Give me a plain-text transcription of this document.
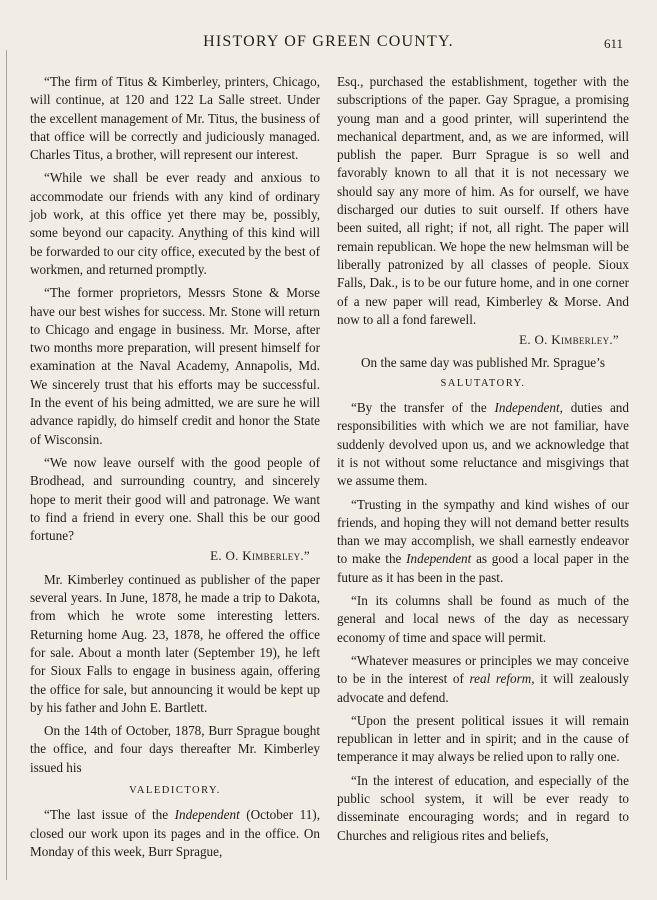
HISTORY OF GREEN COUNTY.	611

“The firm of Titus & Kimberley, printers, Chicago, will continue, at 120 and 122 La Salle street. Under the excellent management of Mr. Titus, the business of that office will be correctly and judiciously managed. Charles Titus, a brother, will represent our interest.

“While we shall be ever ready and anxious to accommodate our friends with any kind of ordinary job work, at this office yet there may be, possibly, some beyond our capacity. Anything of this kind will be forwarded to our city office, executed by the best of workmen, and returned promptly.

“The former proprietors, Messrs Stone & Morse have our best wishes for success. Mr. Stone will return to Chicago and engage in business. Mr. Morse, after two months more preparation, will present himself for examination at the Naval Academy, Annapolis, Md. We sincerely trust that his efforts may be successful. In the event of his being admitted, we are sure he will advance rapidly, do himself credit and honor the State of Wisconsin.

“We now leave ourself with the good people of Brodhead, and surrounding country, and sincerely hope to merit their good will and patronage. We want to find a friend in every one. Shall this be our good fortune?

E. O. Kimberley.”

Mr. Kimberley continued as publisher of the paper several years. In June, 1878, he made a trip to Dakota, from which he wrote some interesting letters. Returning home Aug. 23, 1878, he offered the office for sale. About a month later (September 19), he left for Sioux Falls to engage in business again, offering the office for sale, but announcing it would be kept up by his father and John E. Bartlett.

On the 14th of October, 1878, Burr Sprague bought the office, and four days thereafter Mr. Kimberley issued his

VALEDICTORY.

“The last issue of the Independent (October 11), closed our work upon its pages and in the office. On Monday of this week, Burr Sprague,

Esq., purchased the establishment, together with the subscriptions of the paper. Gay Sprague, a promising young man and a good printer, will superintend the mechanical department, and, as we are informed, will publish the paper. Burr Sprague is so well and favorably known to all that it is not necessary we should say any more of him. As for ourself, we have discharged our duties to suit ourself. If others have been suited, all right; if not, all right. The paper will remain republican. We hope the new helmsman will be liberally patronized by all classes of people. Sioux Falls, Dak., is to be our future home, and in one corner of a new paper will read, Kimberley & Morse. And now to all a fond farewell.

E. O. Kimberley.”

On the same day was published Mr. Sprague’s

SALUTATORY.

“By the transfer of the Independent, duties and responsibilities with which we are not familiar, have suddenly devolved upon us, and we acknowledge that it is not without some reluctance and misgivings that we assume them.

“Trusting in the sympathy and kind wishes of our friends, and hoping they will not demand better results than we may accomplish, we shall earnestly endeavor to make the Independent as good a local paper in the future as it has been in the past.

“In its columns shall be found as much of the general and local news of the day as necessary economy of time and space will permit.

“Whatever measures or principles we may conceive to be in the interest of real reform, it will zealously advocate and defend.

“Upon the present political issues it will remain republican in letter and in spirit; and in the cause of temperance it may always be relied upon to rally one.

“In the interest of education, and especially of the public school system, it will be ever ready to disseminate encouraging words; and in regard to Churches and religious rites and beliefs,
